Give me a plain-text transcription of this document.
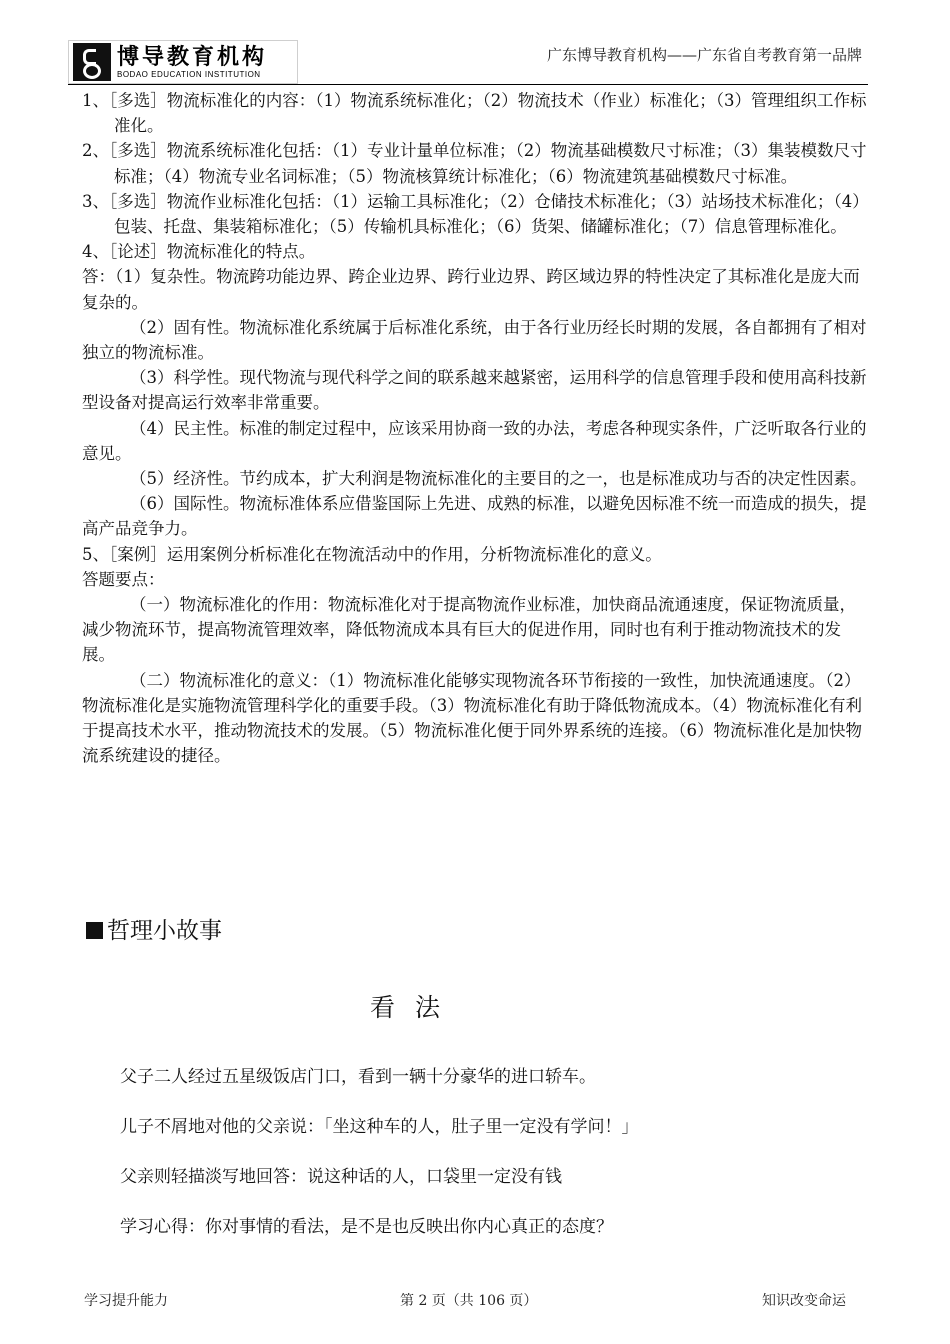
博导教育机构
BODAO EDUCATION INSTITUTION
广东博导教育机构——广东省自考教育第一品牌
1、［多选］物流标准化的内容：（1）物流系统标准化；（2）物流技术（作业）标准化；（3）管理组织工作标准化。
2、［多选］物流系统标准化包括：（1）专业计量单位标准；（2）物流基础模数尺寸标准；（3）集装模数尺寸标准；（4）物流专业名词标准；（5）物流核算统计标准化；（6）物流建筑基础模数尺寸标准。
3、［多选］物流作业标准化包括：（1）运输工具标准化；（2）仓储技术标准化；（3）站场技术标准化；（4）包装、托盘、集装箱标准化；（5）传输机具标准化；（6）货架、储罐标准化；（7）信息管理标准化。
4、［论述］物流标准化的特点。
答：（1）复杂性。物流跨功能边界、跨企业边界、跨行业边界、跨区域边界的特性决定了其标准化是庞大而复杂的。
（2）固有性。物流标准化系统属于后标准化系统，由于各行业历经长时期的发展，各自都拥有了相对独立的物流标准。
（3）科学性。现代物流与现代科学之间的联系越来越紧密，运用科学的信息管理手段和使用高科技新型设备对提高运行效率非常重要。
（4）民主性。标准的制定过程中，应该采用协商一致的办法，考虑各种现实条件，广泛听取各行业的意见。
（5）经济性。节约成本，扩大利润是物流标准化的主要目的之一，也是标准成功与否的决定性因素。
（6）国际性。物流标准体系应借鉴国际上先进、成熟的标准，以避免因标准不统一而造成的损失，提高产品竞争力。
5、［案例］运用案例分析标准化在物流活动中的作用，分析物流标准化的意义。
答题要点：
（一）物流标准化的作用：物流标准化对于提高物流作业标准，加快商品流通速度，保证物流质量，减少物流环节，提高物流管理效率，降低物流成本具有巨大的促进作用，同时也有利于推动物流技术的发展。
（二）物流标准化的意义：（1）物流标准化能够实现物流各环节衔接的一致性，加快流通速度。（2）物流标准化是实施物流管理科学化的重要手段。（3）物流标准化有助于降低物流成本。（4）物流标准化有利于提高技术水平，推动物流技术的发展。（5）物流标准化便于同外界系统的连接。（6）物流标准化是加快物流系统建设的捷径。
哲理小故事
看法
父子二人经过五星级饭店门口，看到一辆十分豪华的进口轿车。
儿子不屑地对他的父亲说：「坐这种车的人，肚子里一定没有学问！」
父亲则轻描淡写地回答：说这种话的人，口袋里一定没有钱
学习心得：你对事情的看法，是不是也反映出你内心真正的态度？
学习提升能力	第 2 页（共 106 页）	知识改变命运
